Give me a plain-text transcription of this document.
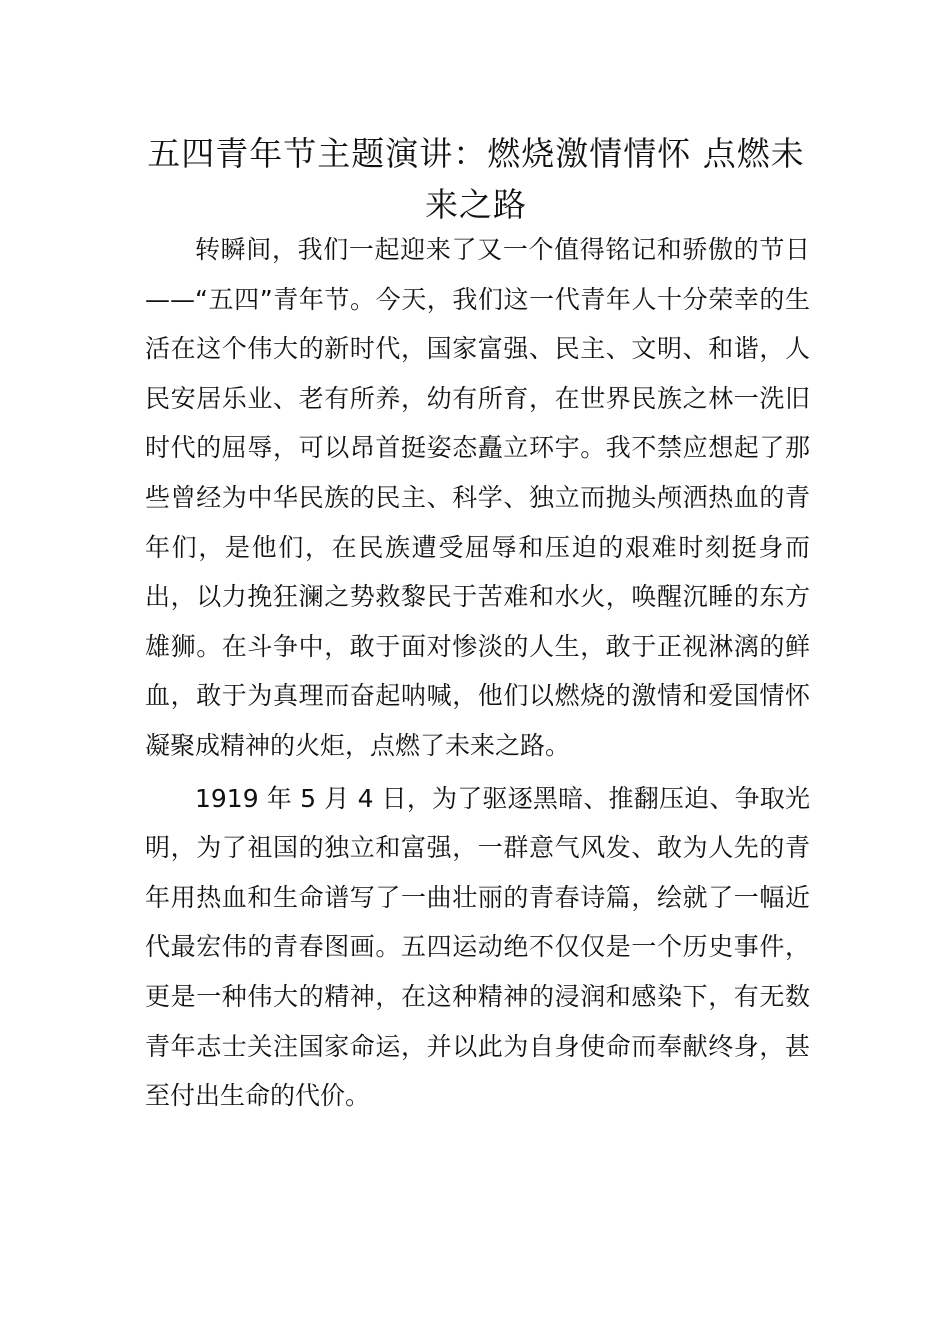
五四青年节主题演讲：燃烧激情情怀 点燃未来之路

转瞬间，我们一起迎来了又一个值得铭记和骄傲的节日——“五四”青年节。今天，我们这一代青年人十分荣幸的生活在这个伟大的新时代，国家富强、民主、文明、和谐，人民安居乐业、老有所养，幼有所育，在世界民族之林一洗旧时代的屈辱，可以昂首挺姿态矗立环宇。我不禁应想起了那些曾经为中华民族的民主、科学、独立而抛头颅洒热血的青年们，是他们，在民族遭受屈辱和压迫的艰难时刻挺身而出，以力挽狂澜之势救黎民于苦难和水火，唤醒沉睡的东方雄狮。在斗争中，敢于面对惨淡的人生，敢于正视淋漓的鲜血，敢于为真理而奋起呐喊，他们以燃烧的激情和爱国情怀凝聚成精神的火炬，点燃了未来之路。

1919 年 5 月 4 日，为了驱逐黑暗、推翻压迫、争取光明，为了祖国的独立和富强，一群意气风发、敢为人先的青年用热血和生命谱写了一曲壮丽的青春诗篇，绘就了一幅近代最宏伟的青春图画。五四运动绝不仅仅是一个历史事件，更是一种伟大的精神，在这种精神的浸润和感染下，有无数青年志士关注国家命运，并以此为自身使命而奉献终身，甚至付出生命的代价。
